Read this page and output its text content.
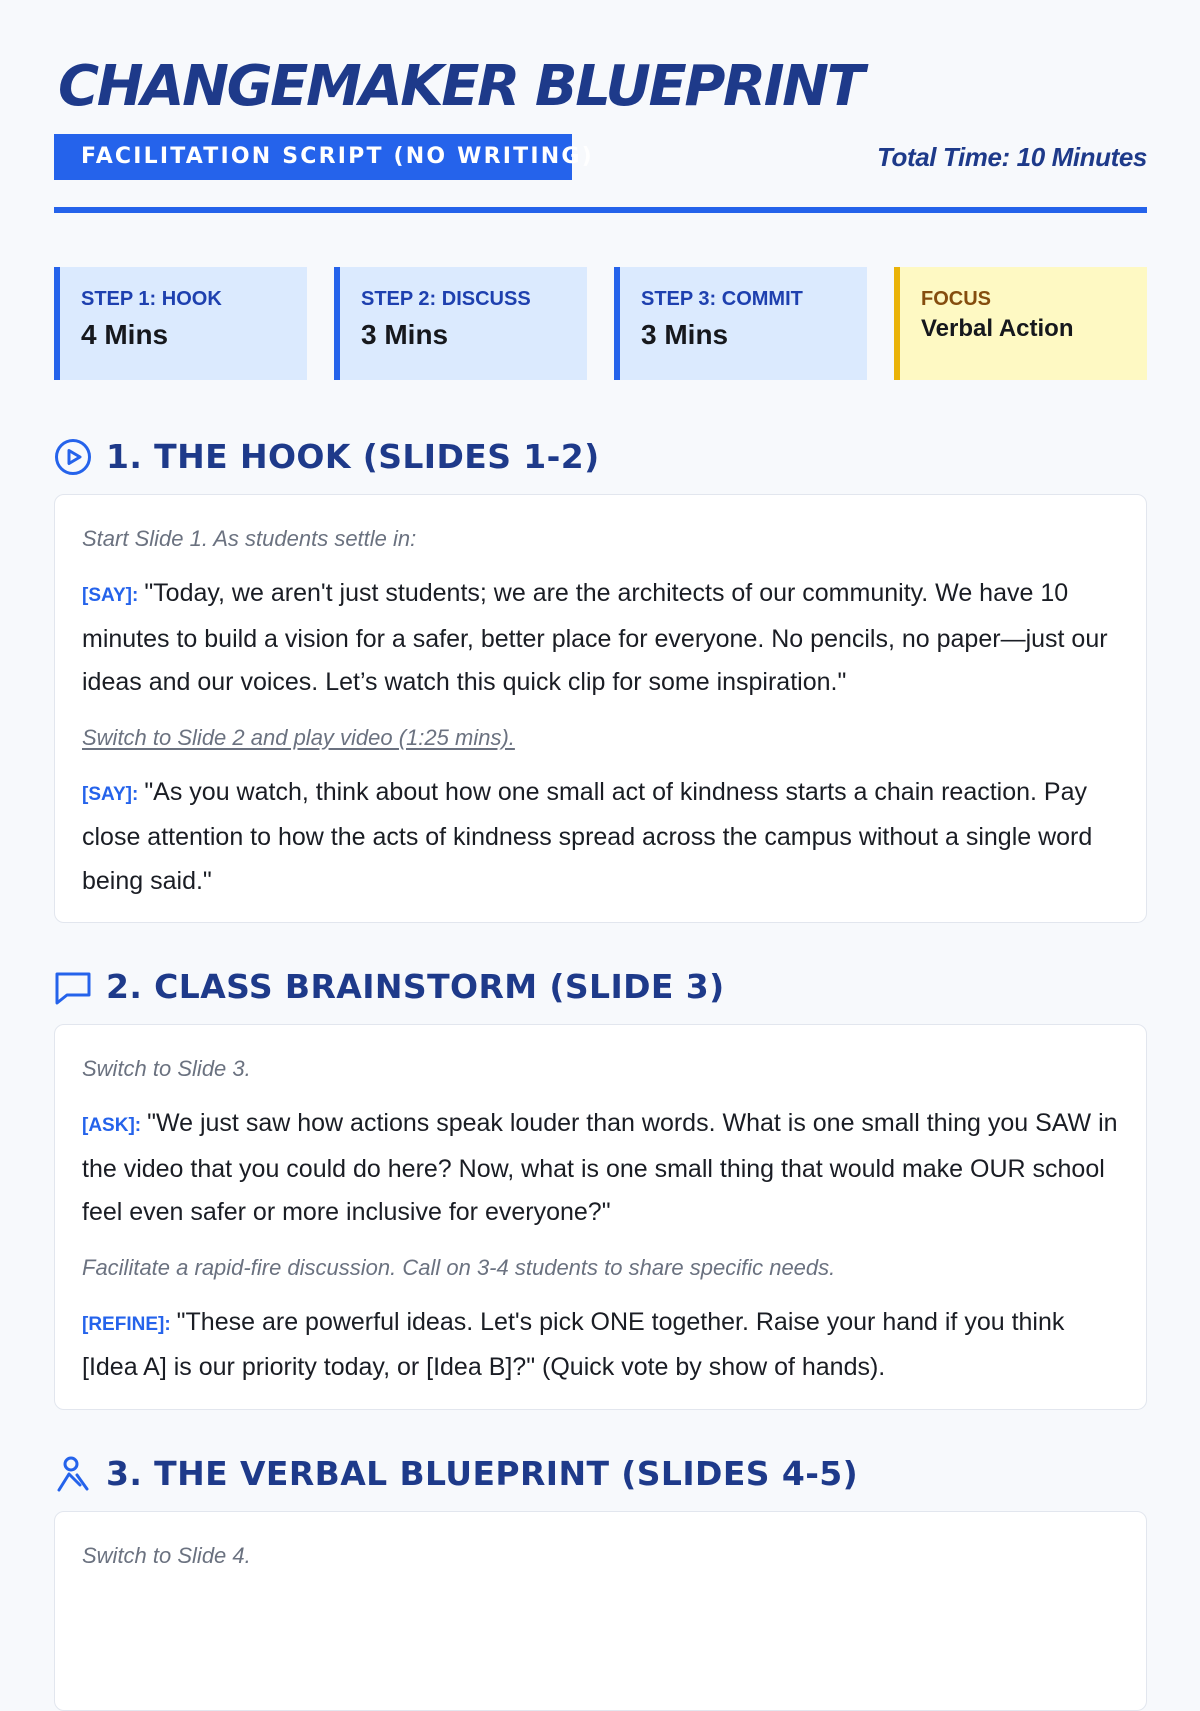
CHANGEMAKER BLUEPRINT
FACILITATION SCRIPT (NO WRITING)	Total Time: 10 Minutes
STEP 1: HOOK
4 Mins
STEP 2: DISCUSS
3 Mins
STEP 3: COMMIT
3 Mins
FOCUS
Verbal Action
1. THE HOOK (SLIDES 1-2)

Start Slide 1. As students settle in:

[SAY]: "Today, we aren't just students; we are the architects of our community. We have 10 minutes to build a vision for a safer, better place for everyone. No pencils, no paper—just our ideas and our voices. Let’s watch this quick clip for some inspiration."

Switch to Slide 2 and play video (1:25 mins).

[SAY]: "As you watch, think about how one small act of kindness starts a chain reaction. Pay close attention to how the acts of kindness spread across the campus without a single word being said."

2. CLASS BRAINSTORM (SLIDE 3)

Switch to Slide 3.

[ASK]: "We just saw how actions speak louder than words. What is one small thing you SAW in the video that you could do here? Now, what is one small thing that would make OUR school feel even safer or more inclusive for everyone?"

Facilitate a rapid-fire discussion. Call on 3-4 students to share specific needs.

[REFINE]: "These are powerful ideas. Let's pick ONE together. Raise your hand if you think [Idea A] is our priority today, or [Idea B]?" (Quick vote by show of hands).

3. THE VERBAL BLUEPRINT (SLIDES 4-5)

Switch to Slide 4.
